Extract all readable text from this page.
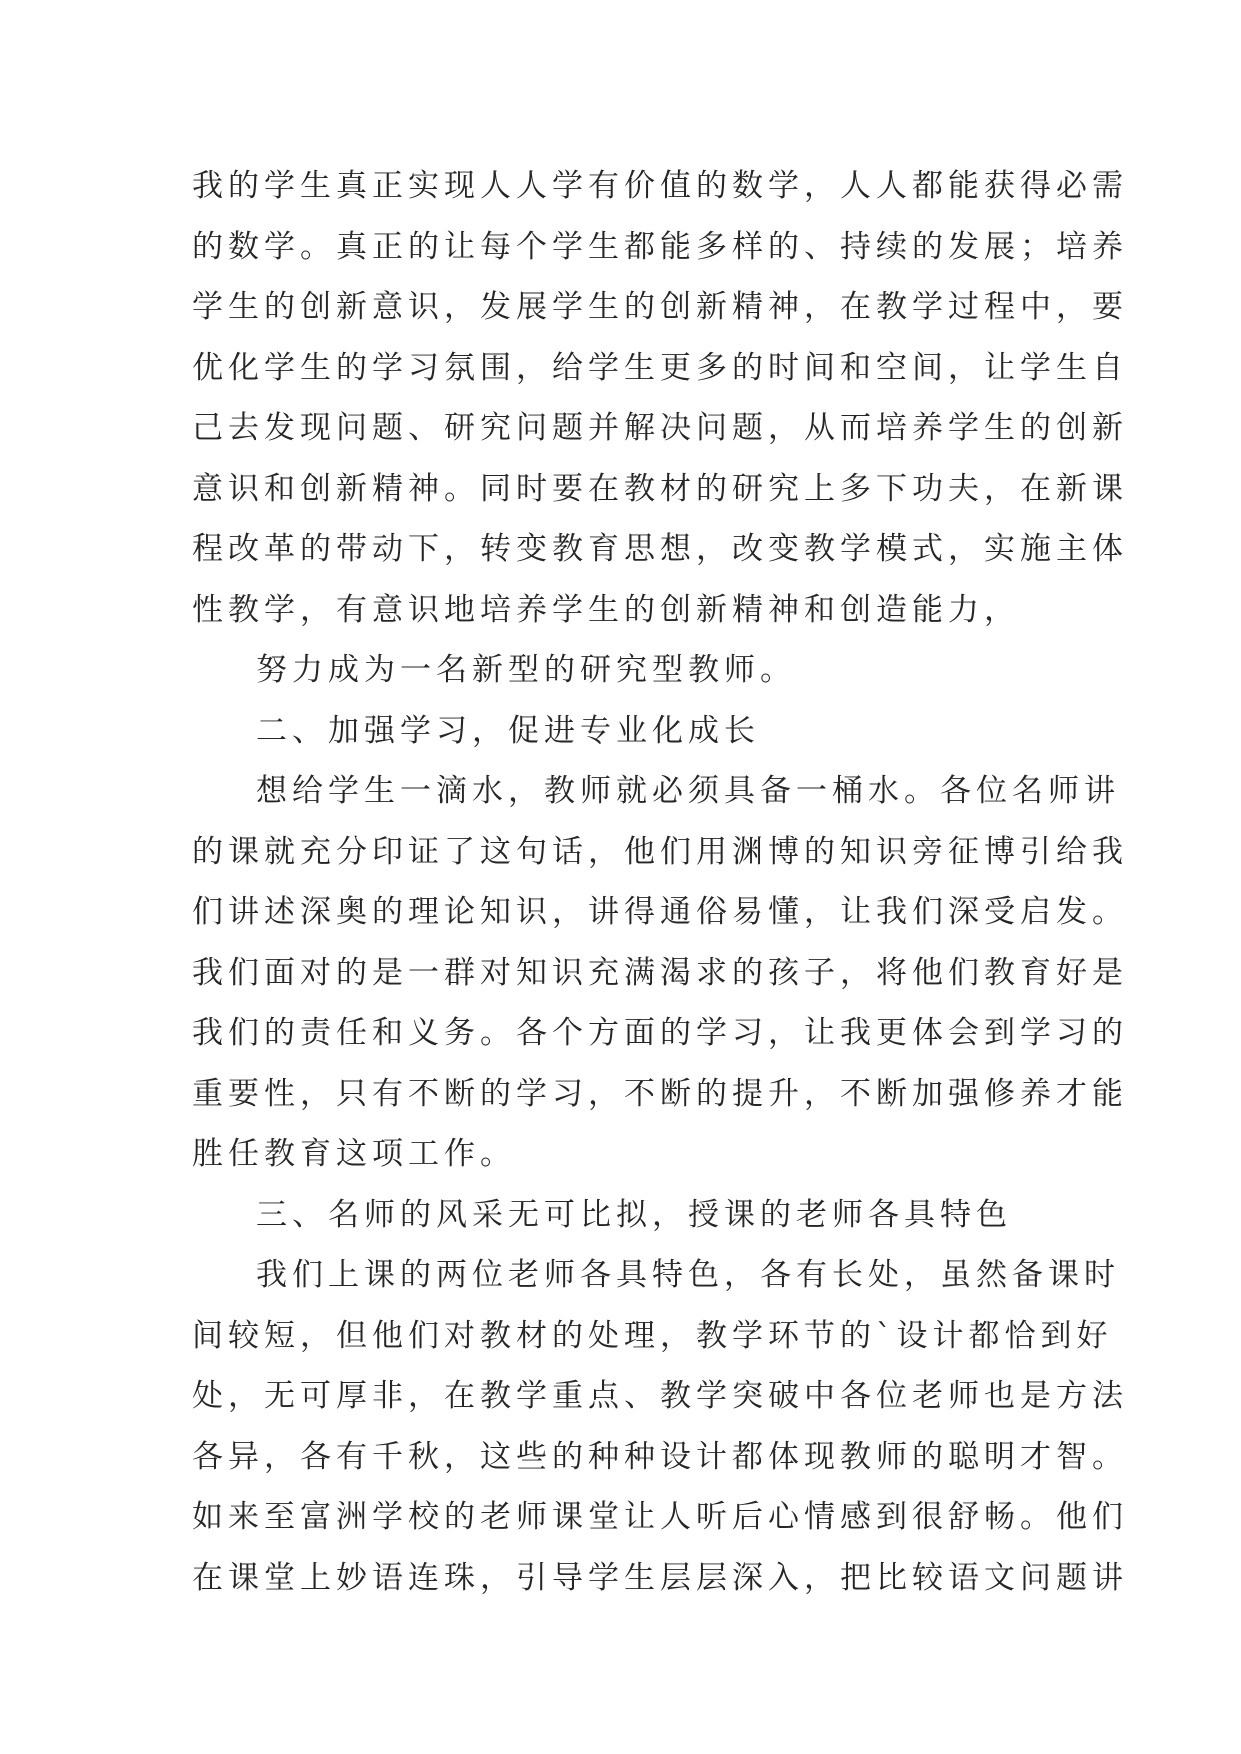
我的学生真正实现人人学有价值的数学，人人都能获得必需
的数学。真正的让每个学生都能多样的、持续的发展；培养
学生的创新意识，发展学生的创新精神，在教学过程中，要
优化学生的学习氛围，给学生更多的时间和空间，让学生自
己去发现问题、研究问题并解决问题，从而培养学生的创新
意识和创新精神。同时要在教材的研究上多下功夫，在新课
程改革的带动下，转变教育思想，改变教学模式，实施主体
性教学，有意识地培养学生的创新精神和创造能力，
努力成为一名新型的研究型教师。
二、加强学习，促进专业化成长
想给学生一滴水，教师就必须具备一桶水。各位名师讲
的课就充分印证了这句话，他们用渊博的知识旁征博引给我
们讲述深奥的理论知识，讲得通俗易懂，让我们深受启发。
我们面对的是一群对知识充满渴求的孩子，将他们教育好是
我们的责任和义务。各个方面的学习，让我更体会到学习的
重要性，只有不断的学习，不断的提升，不断加强修养才能
胜任教育这项工作。
三、名师的风采无可比拟，授课的老师各具特色
我们上课的两位老师各具特色，各有长处，虽然备课时
间较短，但他们对教材的处理，教学环节的`设计都恰到好
处，无可厚非，在教学重点、教学突破中各位老师也是方法
各异，各有千秋，这些的种种设计都体现教师的聪明才智。
如来至富洲学校的老师课堂让人听后心情感到很舒畅。他们
在课堂上妙语连珠，引导学生层层深入，把比较语文问题讲
